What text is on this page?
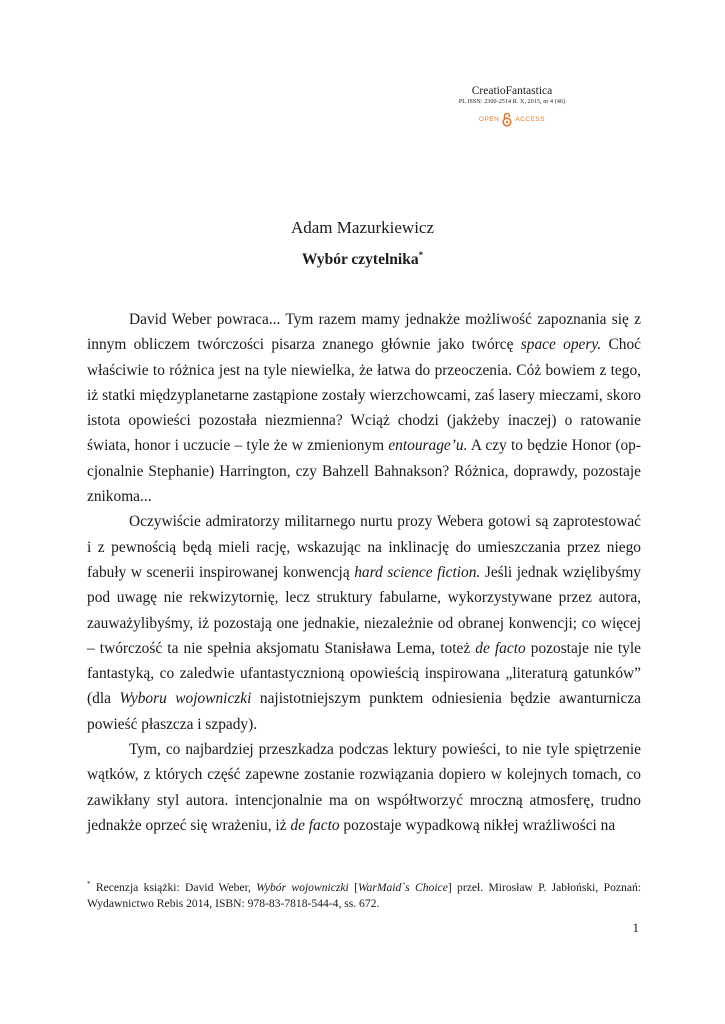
CreatioFantastica
PL ISSN: 2300-2514 R. X, 2015, nr 4 (46)
OPEN ACCESS
Adam Mazurkiewicz
Wybór czytelnika*

David Weber powraca... Tym razem mamy jednakże możliwość zapoznania się z innym obliczem twórczości pisarza znanego głównie jako twórcę space opery. Choć właściwie to różnica jest na tyle niewielka, że łatwa do przeoczenia. Cóż bowiem z tego, iż statki międzyplanetarne zastąpione zostały wierzchowcami, zaś lasery mieczami, skoro istota opowieści pozostała niezmienna? Wciąż chodzi (jakżeby inaczej) o ratowanie świata, honor i uczucie – tyle że w zmienionym entourage’u. A czy to będzie Honor (opcjonalnie Stephanie) Harrington, czy Bahzell Bahnakson? Różnica, doprawdy, pozostaje znikoma...

Oczywiście admiratorzy militarnego nurtu prozy Webera gotowi są zaprotestować i z pewnością będą mieli rację, wskazując na inklinację do umieszczania przez niego fabuły w scenerii inspirowanej konwencją hard science fiction. Jeśli jednak wzięlibyśmy pod uwagę nie rekwizytornię, lecz struktury fabularne, wykorzystywane przez autora, zauważylibyśmy, iż pozostają one jednakie, niezależnie od obranej konwencji; co więcej – twórczość ta nie spełnia aksjomatu Stanisława Lema, toteż de facto pozostaje nie tyle fantastyką, co zaledwie ufantastycznioną opowieścią inspirowana „literaturą gatunków” (dla Wyboru wojowniczki najistotniejszym punktem odniesienia będzie awanturnicza powieść płaszcza i szpady).

Tym, co najbardziej przeszkadza podczas lektury powieści, to nie tyle spiętrzenie wątków, z których część zapewne zostanie rozwiązania dopiero w kolejnych tomach, co zawikłany styl autora. intencjonalnie ma on współtworzyć mroczną atmosferę, trudno jednakże oprzeć się wrażeniu, iż de facto pozostaje wypadkową nikłej wrażliwości na

* Recenzja książki: David Weber, Wybór wojowniczki [WarMaid`s Choice] przeł. Mirosław P. Jabłoński, Poznań: Wydawnictwo Rebis 2014, ISBN: 978-83-7818-544-4, ss. 672.
1
